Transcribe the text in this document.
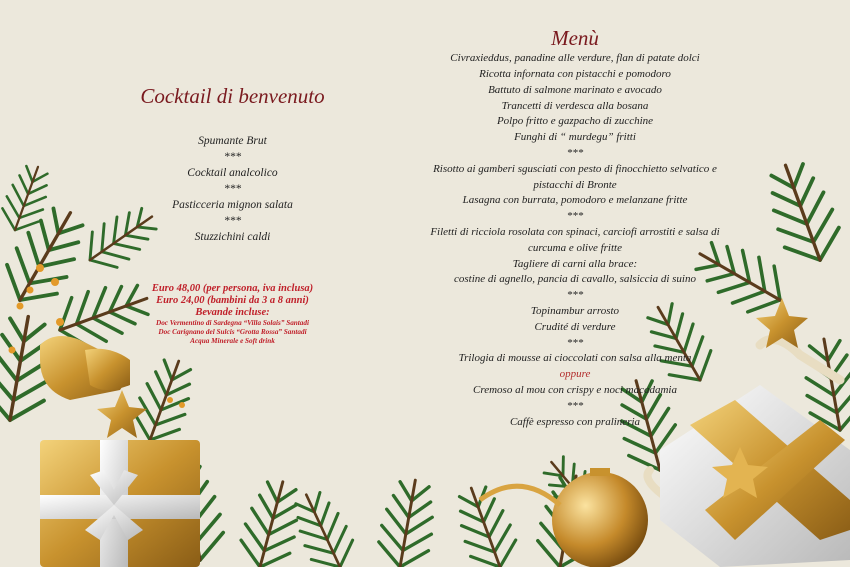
Cocktail di benvenuto
Spumante Brut
***
Cocktail analcolico
***
Pasticceria mignon salata
***
Stuzzichini caldi
Euro 48,00 (per persona, iva inclusa)
Euro 24,00 (bambini da 3 a 8 anni)
Bevande incluse:
Doc Vermentino di Sardegna “Villa Solais” Santadi
Doc Carignano del Sulcis “Grotta Rossa” Santadi
Acqua Minerale e Soft drink
Menù
Civraxieddus, panadine alle verdure, flan di patate dolci
Ricotta infornata con pistacchi e pomodoro
Battuto di salmone marinato e avocado
Trancetti di verdesca alla bosana
Polpo fritto e gazpacho di zucchine
Funghi di “ murdegu” fritti
***
Risotto ai gamberi sgusciati con pesto di finocchietto selvatico e
pistacchi di Bronte
Lasagna con burrata, pomodoro e melanzane fritte
***
Filetti di ricciola rosolata con spinaci, carciofi arrostiti e salsa di
curcuma e olive fritte
Tagliere di carni alla brace:
costine di agnello, pancia di cavallo, salsiccia di suino
***
Topinambur arrosto
Crudité di verdure
***
Trilogia di mousse ai cioccolati con salsa alla menta
oppure
Cremoso al mou con crispy e noci macadamia
***
Caffè espresso con pralineria
